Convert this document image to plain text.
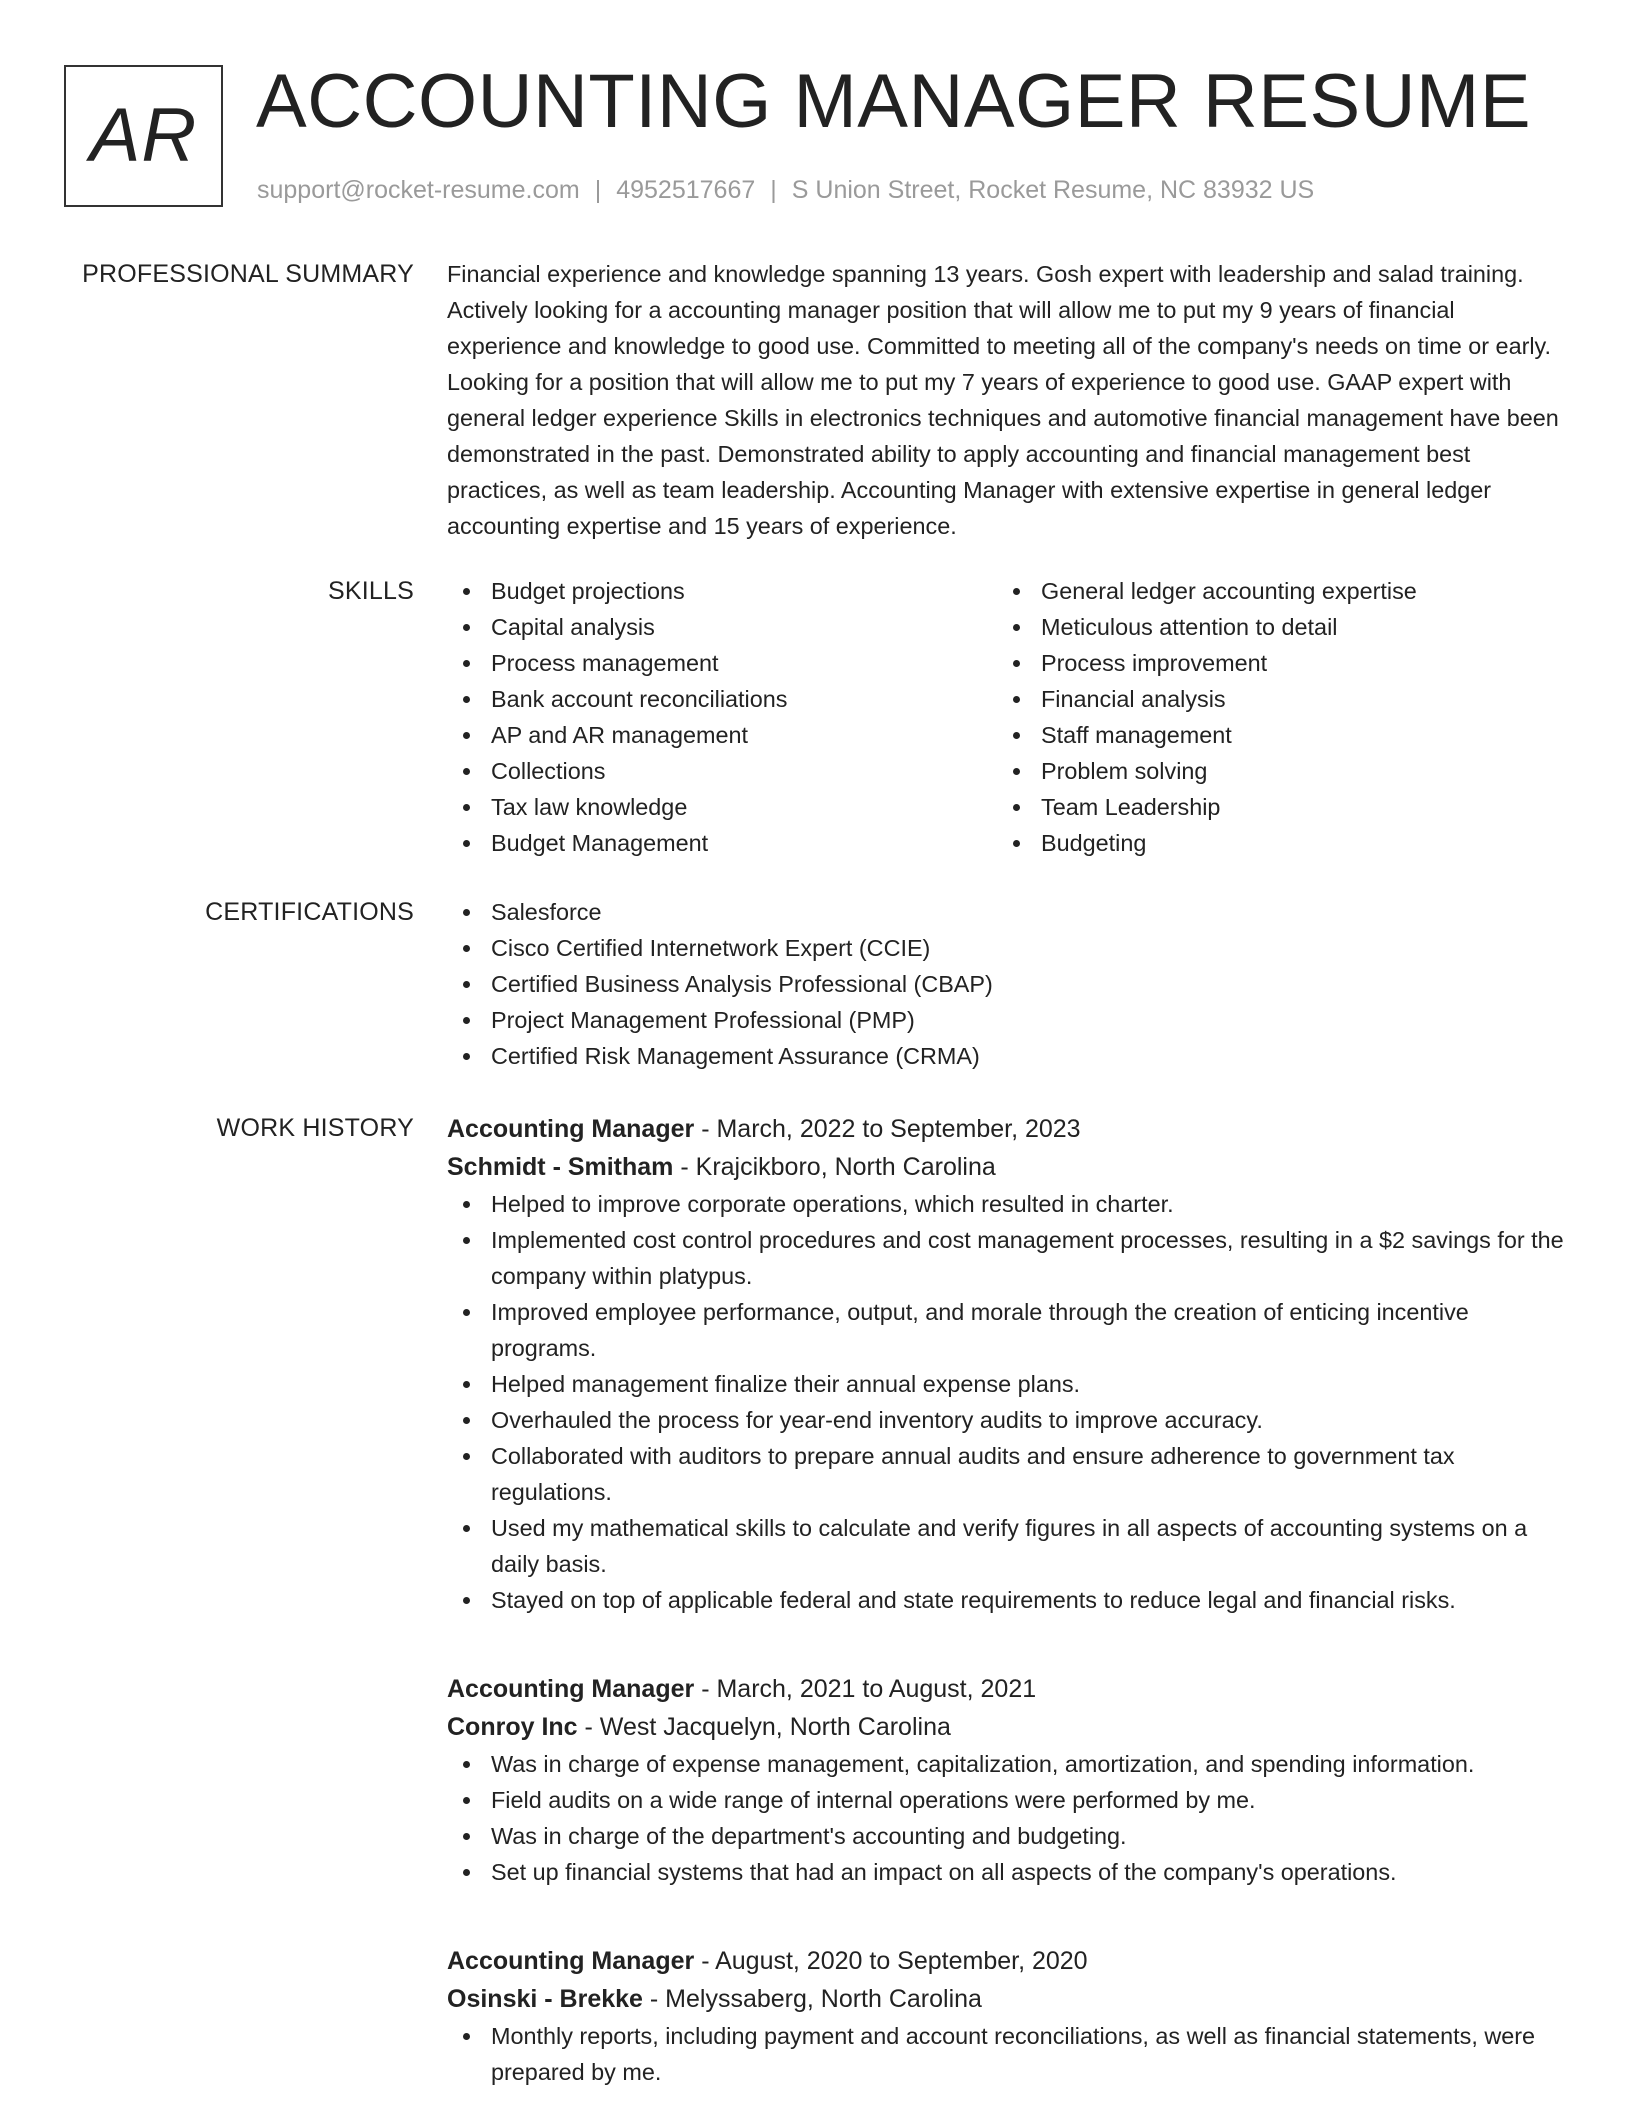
AR ACCOUNTING MANAGER RESUME
support@rocket-resume.com | 4952517667 | S Union Street, Rocket Resume, NC 83932 US
PROFESSIONAL SUMMARY Financial experience and knowledge spanning 13 years. Gosh expert with leadership and salad training. Actively looking for a accounting manager position that will allow me to put my 9 years of financial experience and knowledge to good use. Committed to meeting all of the company's needs on time or early. Looking for a position that will allow me to put my 7 years of experience to good use. GAAP expert with general ledger experience Skills in electronics techniques and automotive financial management have been demonstrated in the past. Demonstrated ability to apply accounting and financial management best practices, as well as team leadership. Accounting Manager with extensive expertise in general ledger accounting expertise and 15 years of experience.

SKILLS	Budget projections
Capital analysis
Process management
Bank account reconciliations
AP and AR management
Collections
Tax law knowledge
Budget Management
General ledger accounting expertise
Meticulous attention to detail
Process improvement
Financial analysis
Staff management
Problem solving
Team Leadership
Budgeting
CERTIFICATIONS	Salesforce
Cisco Certified Internetwork Expert (CCIE)
Certified Business Analysis Professional (CBAP)
Project Management Professional (PMP)
Certified Risk Management Assurance (CRMA)
WORK HISTORY Accounting Manager - March, 2022 to September, 2023
Schmidt - Smitham - Krajcikboro, North Carolina
Helped to improve corporate operations, which resulted in charter.
Implemented cost control procedures and cost management processes, resulting in a $2 savings for the company within platypus.
Improved employee performance, output, and morale through the creation of enticing incentive programs.
Helped management finalize their annual expense plans.
Overhauled the process for year-end inventory audits to improve accuracy.
Collaborated with auditors to prepare annual audits and ensure adherence to government tax regulations.
Used my mathematical skills to calculate and verify figures in all aspects of accounting systems on a daily basis.
Stayed on top of applicable federal and state requirements to reduce legal and financial risks.
Accounting Manager - March, 2021 to August, 2021
Conroy Inc - West Jacquelyn, North Carolina
Was in charge of expense management, capitalization, amortization, and spending information.
Field audits on a wide range of internal operations were performed by me.
Was in charge of the department's accounting and budgeting.
Set up financial systems that had an impact on all aspects of the company's operations.
Accounting Manager - August, 2020 to September, 2020
Osinski - Brekke - Melyssaberg, North Carolina
Monthly reports, including payment and account reconciliations, as well as financial statements, were prepared by me.
